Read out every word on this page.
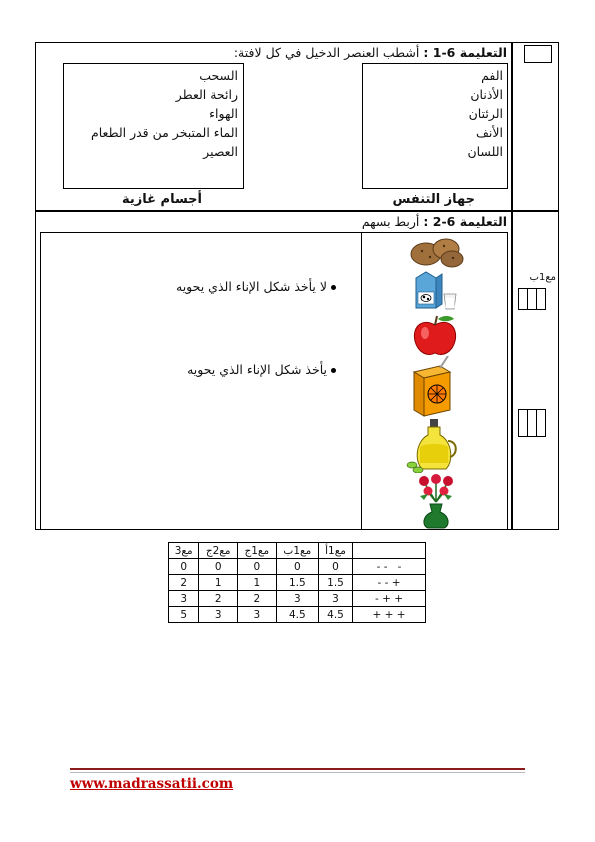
التعليمة 6-1 : أشطب العنصر الدخيل في كل لافتة:
الفم
الأذنان
الرئتان
الأنف
اللسان
جهاز التنفس
السحب
رائحة العطر
الهواء
الماء المتبخر من قدر الطعام
العصير
أجسام غازية
التعليمة 6-2 : أربط بسهم
لا يأخذ شكل الإناء الذي يحويه
يأخذ شكل الإناء الذي يحويه
مع1ب
مع3	مع2ج	مع1ج	مع1ب	مع1أ	
0	0	0	0	0	- -   -
2	1	1	1.5	1.5	- - +
3	2	2	3	3	- + +
5	3	3	4.5	4.5	+ + +
www.madrassatii.com
